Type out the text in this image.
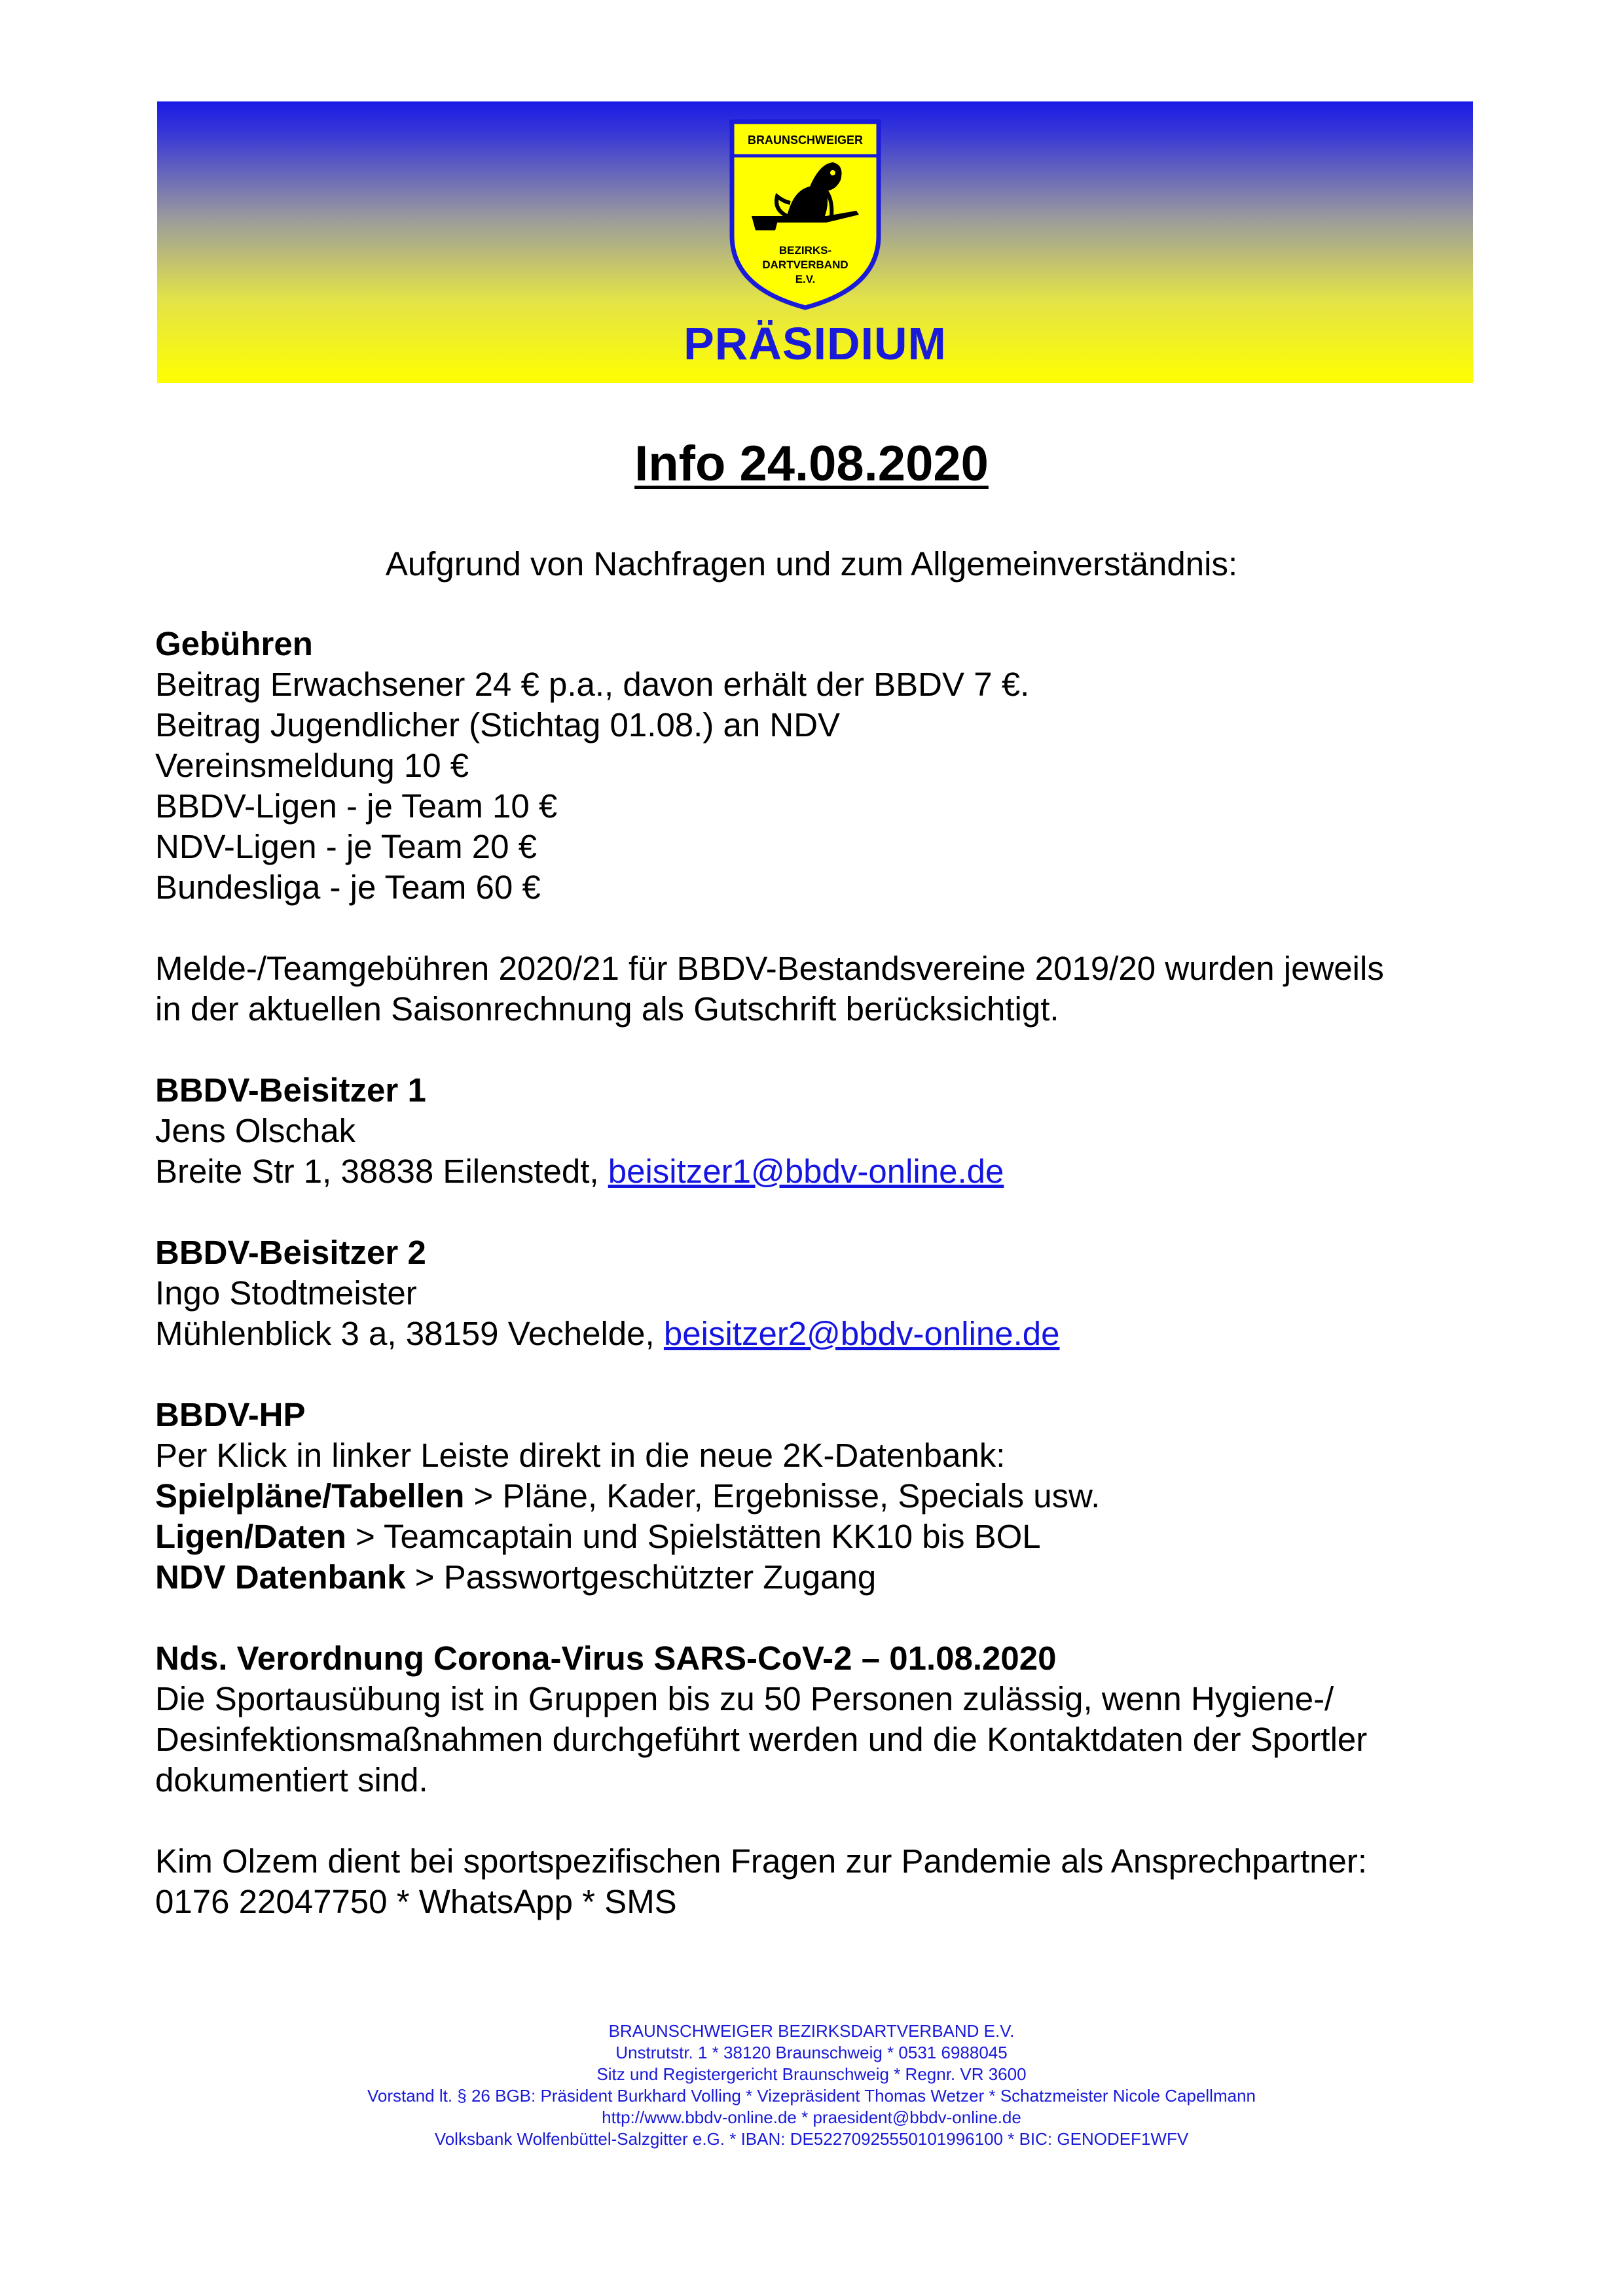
BRAUNSCHWEIGER
BEZIRKS-
DARTVERBAND
E.V.
PRÄSIDIUM
Info 24.08.2020
Aufgrund von Nachfragen und zum Allgemeinverständnis:

Gebühren

Beitrag Erwachsener 24 € p.a., davon erhält der BBDV 7 €.

Beitrag Jugendlicher (Stichtag 01.08.) an NDV

Vereinsmeldung 10 €

BBDV-Ligen - je Team 10 €

NDV-Ligen - je Team 20 €

Bundesliga - je Team 60 €

Melde-/Teamgebühren 2020/21 für BBDV-Bestandsvereine 2019/20 wurden jeweils

in der aktuellen Saisonrechnung als Gutschrift berücksichtigt.

BBDV-Beisitzer 1

Jens Olschak

Breite Str 1, 38838 Eilenstedt, beisitzer1@bbdv-online.de

BBDV-Beisitzer 2

Ingo Stodtmeister

Mühlenblick 3 a, 38159 Vechelde, beisitzer2@bbdv-online.de

BBDV-HP

Per Klick in linker Leiste direkt in die neue 2K-Datenbank:

Spielpläne/Tabellen > Pläne, Kader, Ergebnisse, Specials usw.

Ligen/Daten > Teamcaptain und Spielstätten KK10 bis BOL

NDV Datenbank > Passwortgeschützter Zugang

Nds. Verordnung Corona-Virus SARS-CoV-2 – 01.08.2020

Die Sportausübung ist in Gruppen bis zu 50 Personen zulässig, wenn Hygiene-/

Desinfektionsmaßnahmen durchgeführt werden und die Kontaktdaten der Sportler

dokumentiert sind.

Kim Olzem dient bei sportspezifischen Fragen zur Pandemie als Ansprechpartner:

0176 22047750 * WhatsApp * SMS

BRAUNSCHWEIGER BEZIRKSDARTVERBAND E.V.

Unstrutstr. 1 * 38120 Braunschweig * 0531 6988045

Sitz und Registergericht Braunschweig * Regnr. VR 3600

Vorstand lt. § 26 BGB: Präsident Burkhard Volling * Vizepräsident Thomas Wetzer * Schatzmeister Nicole Capellmann

http://www.bbdv-online.de * praesident@bbdv-online.de

Volksbank Wolfenbüttel-Salzgitter e.G. * IBAN: DE52270925550101996100 * BIC: GENODEF1WFV
